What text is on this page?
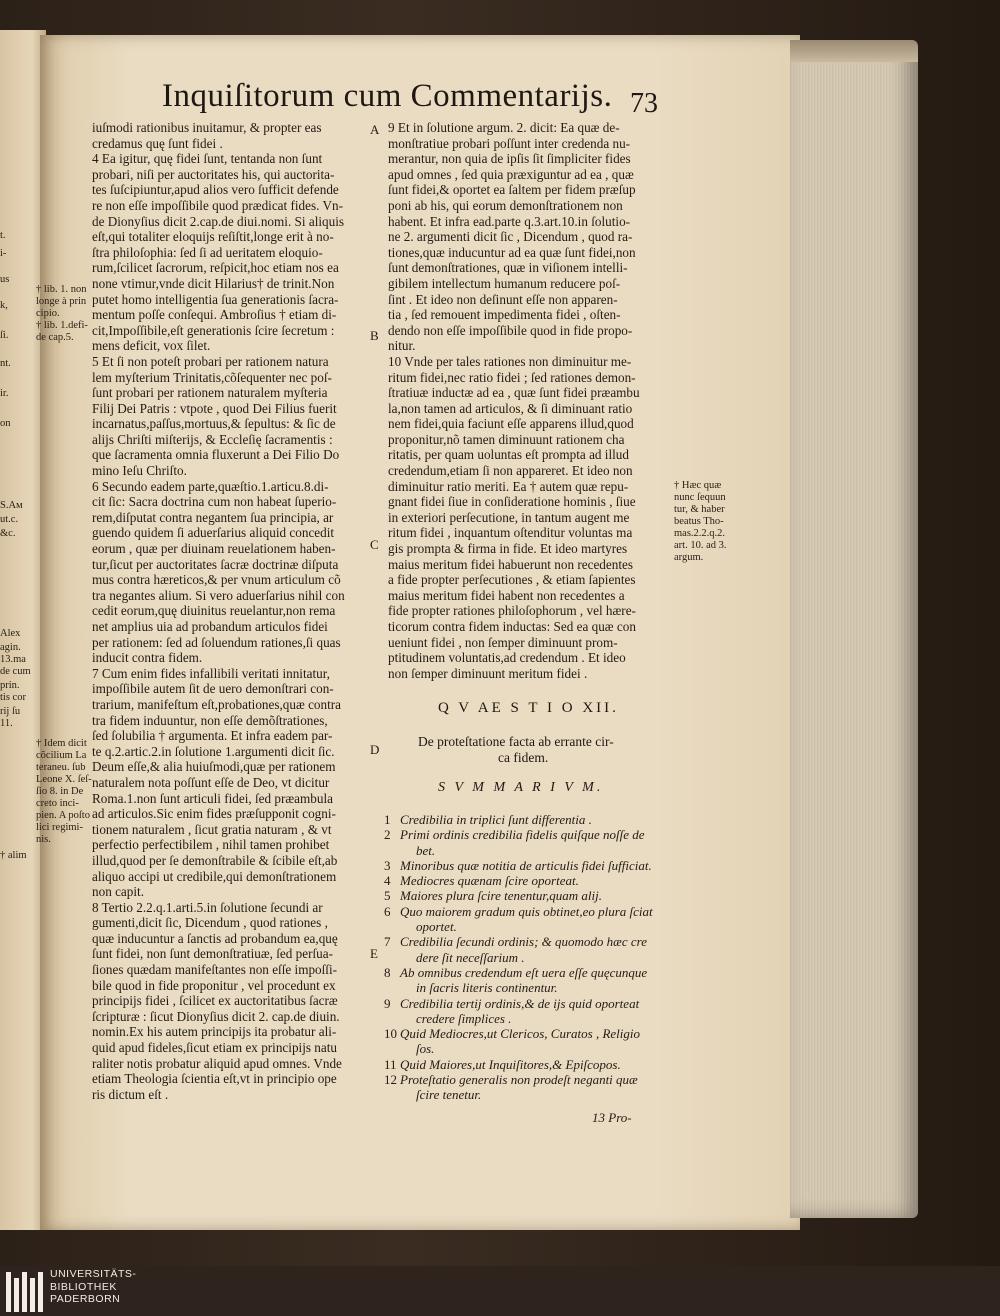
Inquiſitorum cum Commentarijs. 73
iuſmodi rationibus inuitamur, & propter eas
credamus quę ſunt fidei .
4 Ea igitur, quę fidei ſunt, tentanda non ſunt
probari, niſi per auctoritates his, qui auctoritа-
tes ſuſcipiuntur,apud alios vero ſufficit defende
re non eſſe impoſſibile quod prædicat fides. Vn-
de Dionyſius dicit 2.cap.de diui.nomi. Si aliquis
eſt,qui totaliter eloquijs reſiſtit,longe erit à no-
ſtra philoſophia: ſed ſi ad ueritatem eloquio-
rum,ſcilicet ſacrorum, reſpicit,hoc etiam nos ea
none vtimur,vnde dicit Hilarius† de trinit.Non
putet homo intelligentia ſua generationis ſacra-
mentum poſſe conſequi. Ambroſius † etiam di-
cit,Impoſſibile,eſt generationis ſcire ſecretum :
mens deficit, vox ſilet.
5 Et ſi non poteſt probari per rationem natura
lem myſterium Trinitatis,cõſequenter nec poſ-
ſunt probari per rationem naturalem myſteria
Filij Dei Patris : vtpote , quod Dei Filius fuerit
incarnatus,paſſus,mortuus,& ſepultus: & ſic de
alijs Chriſti miſterijs, & Eccleſię ſacramentis :
que ſacramenta omnia fluxerunt a Dei Filio Do
mino Ieſu Chriſto.
6 Secundo eadem parte,quæſtio.1.articu.8.di-
cit ſic: Sacra doctrina cum non habeat ſuperio-
rem,diſputat contra negantem ſua principia, ar
guendo quidem ſi aduerſarius aliquid concedit
eorum , quæ per diuinam reuelationem haben-
tur,ſicut per auctoritates ſacræ doctrinæ diſputa
mus contra hæreticos,& per vnum articulum cõ
tra negantes alium. Si vero aduerſarius nihil con
cedit eorum,quę diuinitus reuelantur,non rema
net amplius uia ad probandum articulos fidei
per rationem: ſed ad ſoluendum rationes,ſi quas
inducit contra fidem.
7 Cum enim fides infallibili veritati innitatur,
impoſſibile autem ſit de uero demonſtrari con-
trarium, manifeſtum eſt,probationes,quæ contra
tra fidem induuntur, non eſſe demõſtrationes,
ſed ſolubilia † argumenta. Et infra eadem par-
te q.2.artic.2.in ſolutione 1.argumenti dicit ſic.
Deum eſſe,& alia huiuſmodi,quæ per rationem
naturalem nota poſſunt eſſe de Deo, vt dicitur
Roma.1.non ſunt articuli fidei, ſed præambula
ad articulos.Sic enim fides præſupponit cogni-
tionem naturalem , ſicut gratia naturam , & vt
perfectio perfectibilem , nihil tamen prohibet
illud,quod per ſe demonſtrabile & ſcibile eſt,ab
aliquo accipi ut credibile,qui demonſtrationem
non capit.
8 Tertio 2.2.q.1.arti.5.in ſolutione ſecundi ar
gumenti,dicit ſic, Dicendum , quod rationes ,
quæ inducuntur a ſanctis ad probandum ea,quę
ſunt fidei, non ſunt demonſtratiuæ, ſed perſua-
ſiones quædam manifeſtantes non eſſe impoſſi-
bile quod in fide proponitur , vel procedunt ex
principijs fidei , ſcilicet ex auctoritatibus ſacræ
ſcripturæ : ſicut Dionyſius dicit 2. cap.de diuin.
nomin.Ex his autem principijs ita probatur ali-
quid apud fideles,ſicut etiam ex principijs natu
raliter notis probatur aliquid apud omnes. Vnde
etiam Theologia ſcientia eſt,vt in principio ope
ris dictum eſt .
9 Et in ſolutione argum. 2. dicit: Ea quæ de-
monſtratiue probari poſſunt inter credenda nu-
merantur, non quia de ipſis ſit ſimpliciter fides
apud omnes , ſed quia præxiguntur ad ea , quæ
ſunt fidei,& oportet ea ſaltem per fidem præſup
poni ab his, qui eorum demonſtrationem non
habent. Et infra ead.parte q.3.art.10.in ſolutio-
ne 2. argumenti dicit ſic , Dicendum , quod ra-
tiones,quæ inducuntur ad ea quæ ſunt fidei,non
ſunt demonſtrationes, quæ in viſionem intelli-
gibilem intellectum humanum reducere poſ-
ſint . Et ideo non deſinunt eſſe non apparen-
tia , ſed remouent impedimenta fidei , oſten-
dendo non eſſe impoſſibile quod in fide propo-
nitur.
10 Vnde per tales rationes non diminuitur me-
ritum fidei,nec ratio fidei ; ſed rationes demon-
ſtratiuæ inductæ ad ea , quæ ſunt fidei præambu
la,non tamen ad articulos, & ſi diminuant ratio
nem fidei,quia faciunt eſſe apparens illud,quod
proponitur,nõ tamen diminuunt rationem cha
ritatis, per quam uoluntas eſt prompta ad illud
credendum,etiam ſi non appareret. Et ideo non
diminuitur ratio meriti. Ea † autem quæ repu-
gnant fidei ſiue in conſideratione hominis , ſiue
in exteriori perſecutione, in tantum augent me
ritum fidei , inquantum oſtenditur voluntas ma
gis prompta & firma in fide. Et ideo martyres
maius meritum fidei habuerunt non recedentes
a fide propter perſecutiones , & etiam ſapientes
maius meritum fidei habent non recedentes a
fide propter rationes philoſophorum , vel hære-
ticorum contra fidem inductas: Sed ea quæ con
ueniunt fidei , non ſemper diminuunt prom-
ptitudinem voluntatis,ad credendum . Et ideo
non ſemper diminuunt meritum fidei .
A
B
C
D
E
† lib. 1. non
longe à prin
cipio.
† lib. 1.defi-
de cap.5.
† Idem dicit
cõcilium La
teraneu. ſub
Leone X. ſeſ-
ſio 8. in De
creto inci-
pien. A poſto
lici regimi-
nis.
† Hæc quæ
nunc ſequun
tur, & haber
beatus Tho-
mas.2.2.q.2.
art. 10. ad 3.
argum.
t.
i-
us
k,
ſi.
nt.
ir.
on
S.Aм
ut.c.
&c.
Alex
agin.
13.ma
de cum
prin.
tis cor
rij ſu
11.
† alim
Q V AE S T I O XII.
De proteſtatione facta ab errante cir-
ca fidem.
S V M M A R I V M.
1 Credibilia in triplici ſunt differentia .
2 Primi ordinis credibilia fidelis quiſque noſſe de
bet.
3 Minoribus quæ notitia de articulis fidei ſufficiat.
4 Mediocres quænam ſcire oporteat.
5 Maiores plura ſcire tenentur,quam alij.
6 Quo maiorem gradum quis obtinet,eo plura ſciat
oportet.
7 Credibilia ſecundi ordinis; & quomodo hæc cre
dere ſit neceſſarium .
8 Ab omnibus credendum eſt uera eſſe quęcunque
in ſacris literis continentur.
9 Credibilia tertij ordinis,& de ijs quid oporteat
credere ſimplices .
10 Quid Mediocres,ut Clericos, Curatos , Religio
ſos.
11 Quid Maiores,ut Inquiſitores,& Epiſcopos.
12 Proteſtatio generalis non prodeſt neganti quæ
ſcire tenetur.
13 Pro-
UNIVERSITÄTS-
BIBLIOTHEK
PADERBORN
